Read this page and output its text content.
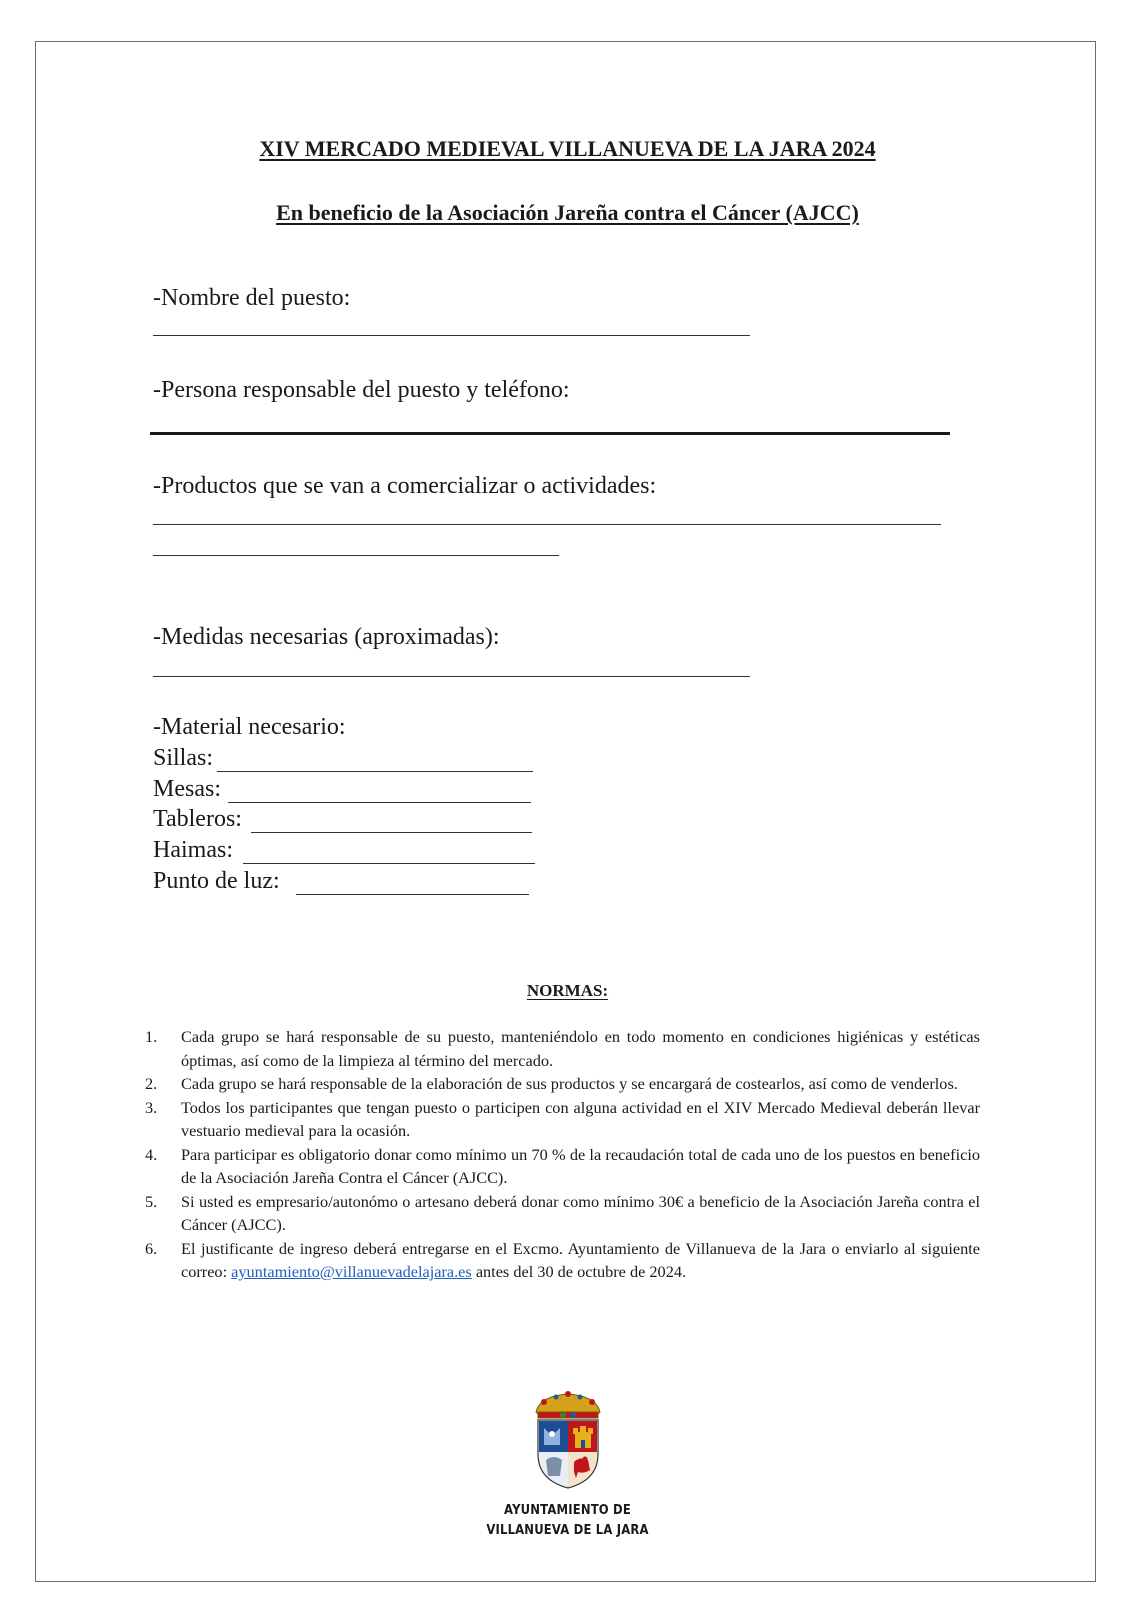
XIV MERCADO MEDIEVAL VILLANUEVA DE LA JARA 2024
En beneficio de la Asociación Jareña contra el Cáncer (AJCC)
-Nombre del puesto:
-Persona responsable del puesto y teléfono:
-Productos que se van a comercializar o actividades:
-Medidas necesarias (aproximadas):
-Material necesario:
Sillas:
Mesas:
Tableros:
Haimas:
Punto de luz:
NORMAS:
1. Cada grupo se hará responsable de su puesto, manteniéndolo en todo momento en condiciones higiénicas y estéticas óptimas, así como de la limpieza al término del mercado.
2. Cada grupo se hará responsable de la elaboración de sus productos y se encargará de costearlos, así como de venderlos.
3. Todos los participantes que tengan puesto o participen con alguna actividad en el XIV Mercado Medieval deberán llevar vestuario medieval para la ocasión.
4. Para participar es obligatorio donar como mínimo un 70 % de la recaudación total de cada uno de los puestos en beneficio de la Asociación Jareña Contra el Cáncer (AJCC).
5. Si usted es empresario/autonómo o artesano deberá donar como mínimo 30€ a beneficio de la Asociación Jareña contra el Cáncer (AJCC).
6. El justificante de ingreso deberá entregarse en el Excmo. Ayuntamiento de Villanueva de la Jara o enviarlo al siguiente correo: ayuntamiento@villanuevadelajara.es antes del 30 de octubre de 2024.
AYUNTAMIENTO DE
VILLANUEVA DE LA JARA
